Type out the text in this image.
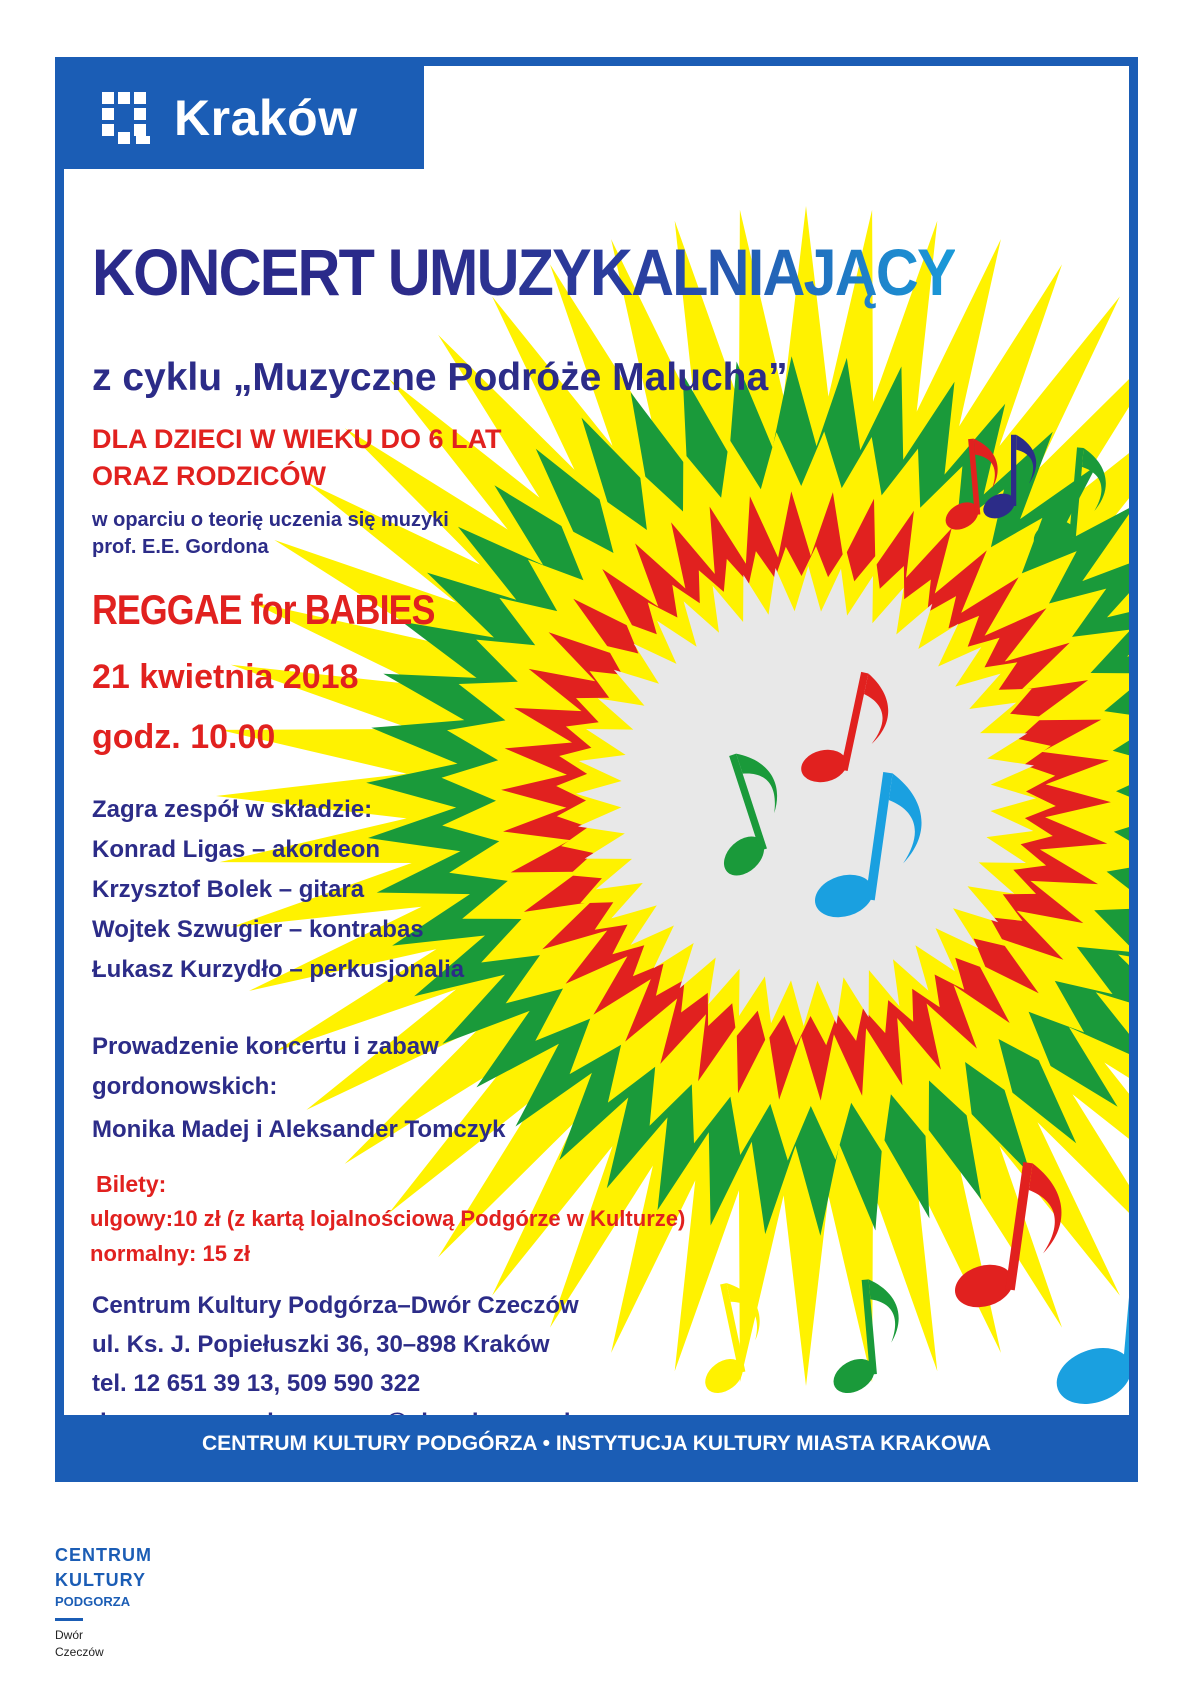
Kraków
KONCERT UMUZYKALNIAJĄCY
z cyklu „Muzyczne Podróże Malucha”
DLA DZIECI W WIEKU DO 6 LAT
ORAZ RODZICÓW
w oparciu o teorię uczenia się muzyki
prof. E.E. Gordona
REGGAE for BABIES
21 kwietnia 2018
godz. 10.00
Zagra zespół w składzie:
Konrad Ligas – akordeon
Krzysztof Bolek – gitara
Wojtek Szwugier – kontrabas
Łukasz Kurzydło – perkusjonalia
Prowadzenie koncertu i zabaw
gordonowskich:
Monika Madej i Aleksander Tomczyk
Bilety:
ulgowy:10 zł (z kartą lojalnościową Podgórze w Kulturze)
normalny: 15 zł
Centrum Kultury Podgórza–Dwór Czeczów
ul. Ks. J. Popiełuszki 36, 30–898 Kraków
tel. 12 651 39 13, 509 590 322
CENTRUM KULTURY PODGÓRZA • INSTYTUCJA KULTURY MIASTA KRAKOWA
CENTRUM
KULTURY
PODGORZA
Dwór
Czeczów
